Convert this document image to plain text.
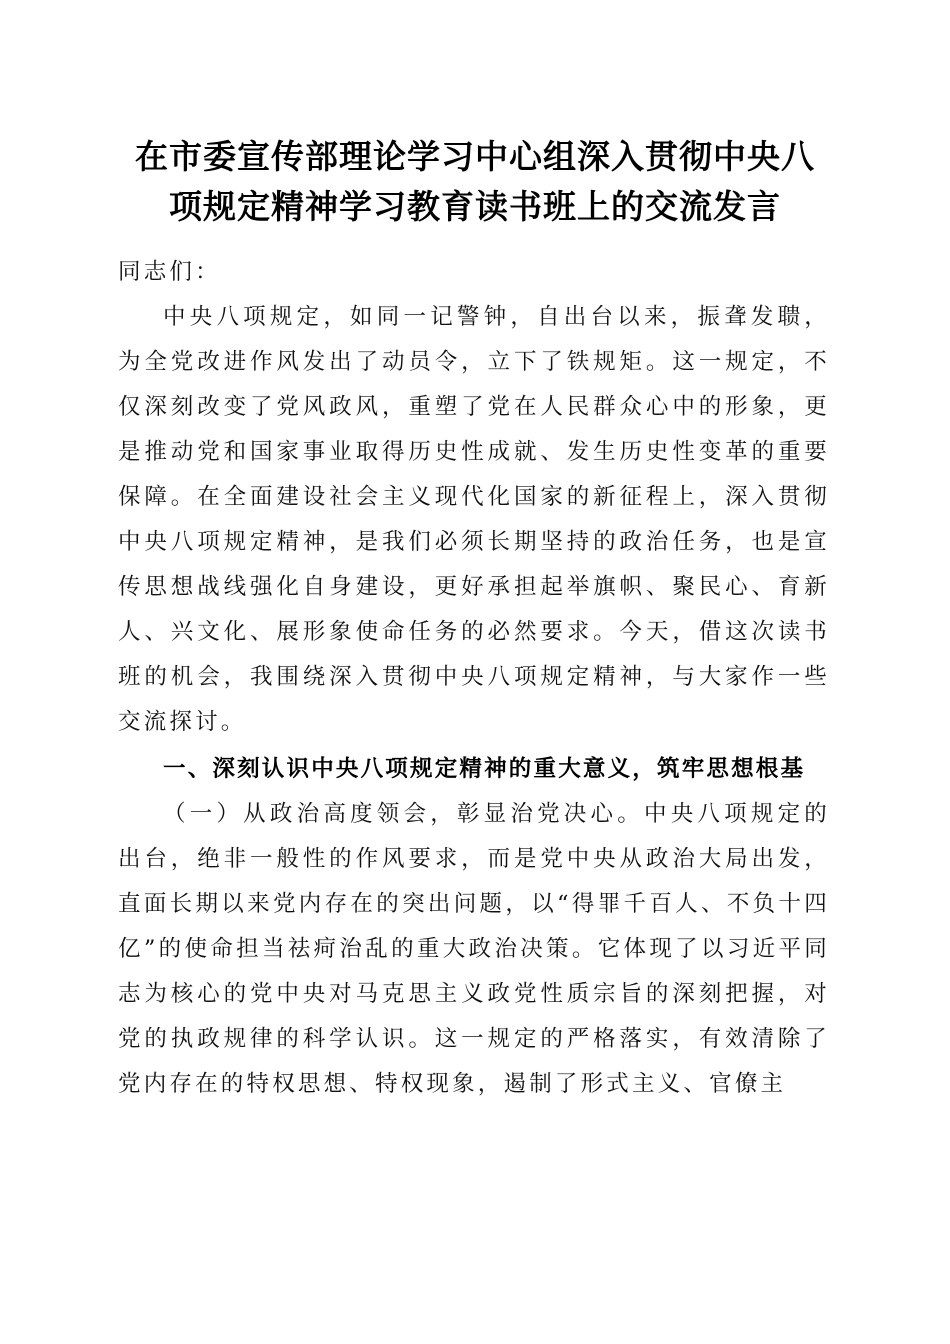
在市委宣传部理论学习中心组深入贯彻中央八
项规定精神学习教育读书班上的交流发言

同志们：

中央八项规定，如同一记警钟，自出台以来，振聋发聩，为全党改进作风发出了动员令，立下了铁规矩。这一规定，不仅深刻改变了党风政风，重塑了党在人民群众心中的形象，更是推动党和国家事业取得历史性成就、发生历史性变革的重要保障。在全面建设社会主义现代化国家的新征程上，深入贯彻中央八项规定精神，是我们必须长期坚持的政治任务，也是宣传思想战线强化自身建设，更好承担起举旗帜、聚民心、育新人、兴文化、展形象使命任务的必然要求。今天，借这次读书班的机会，我围绕深入贯彻中央八项规定精神，与大家作一些交流探讨。

一、深刻认识中央八项规定精神的重大意义，筑牢思想根基

（一）从政治高度领会，彰显治党决心。中央八项规定的出台，绝非一般性的作风要求，而是党中央从政治大局出发，直面长期以来党内存在的突出问题，以“得罪千百人、不负十四亿”的使命担当祛疴治乱的重大政治决策。它体现了以习近平同志为核心的党中央对马克思主义政党性质宗旨的深刻把握，对党的执政规律的科学认识。这一规定的严格落实，有效清除了党内存在的特权思想、特权现象，遏制了形式主义、官僚主
